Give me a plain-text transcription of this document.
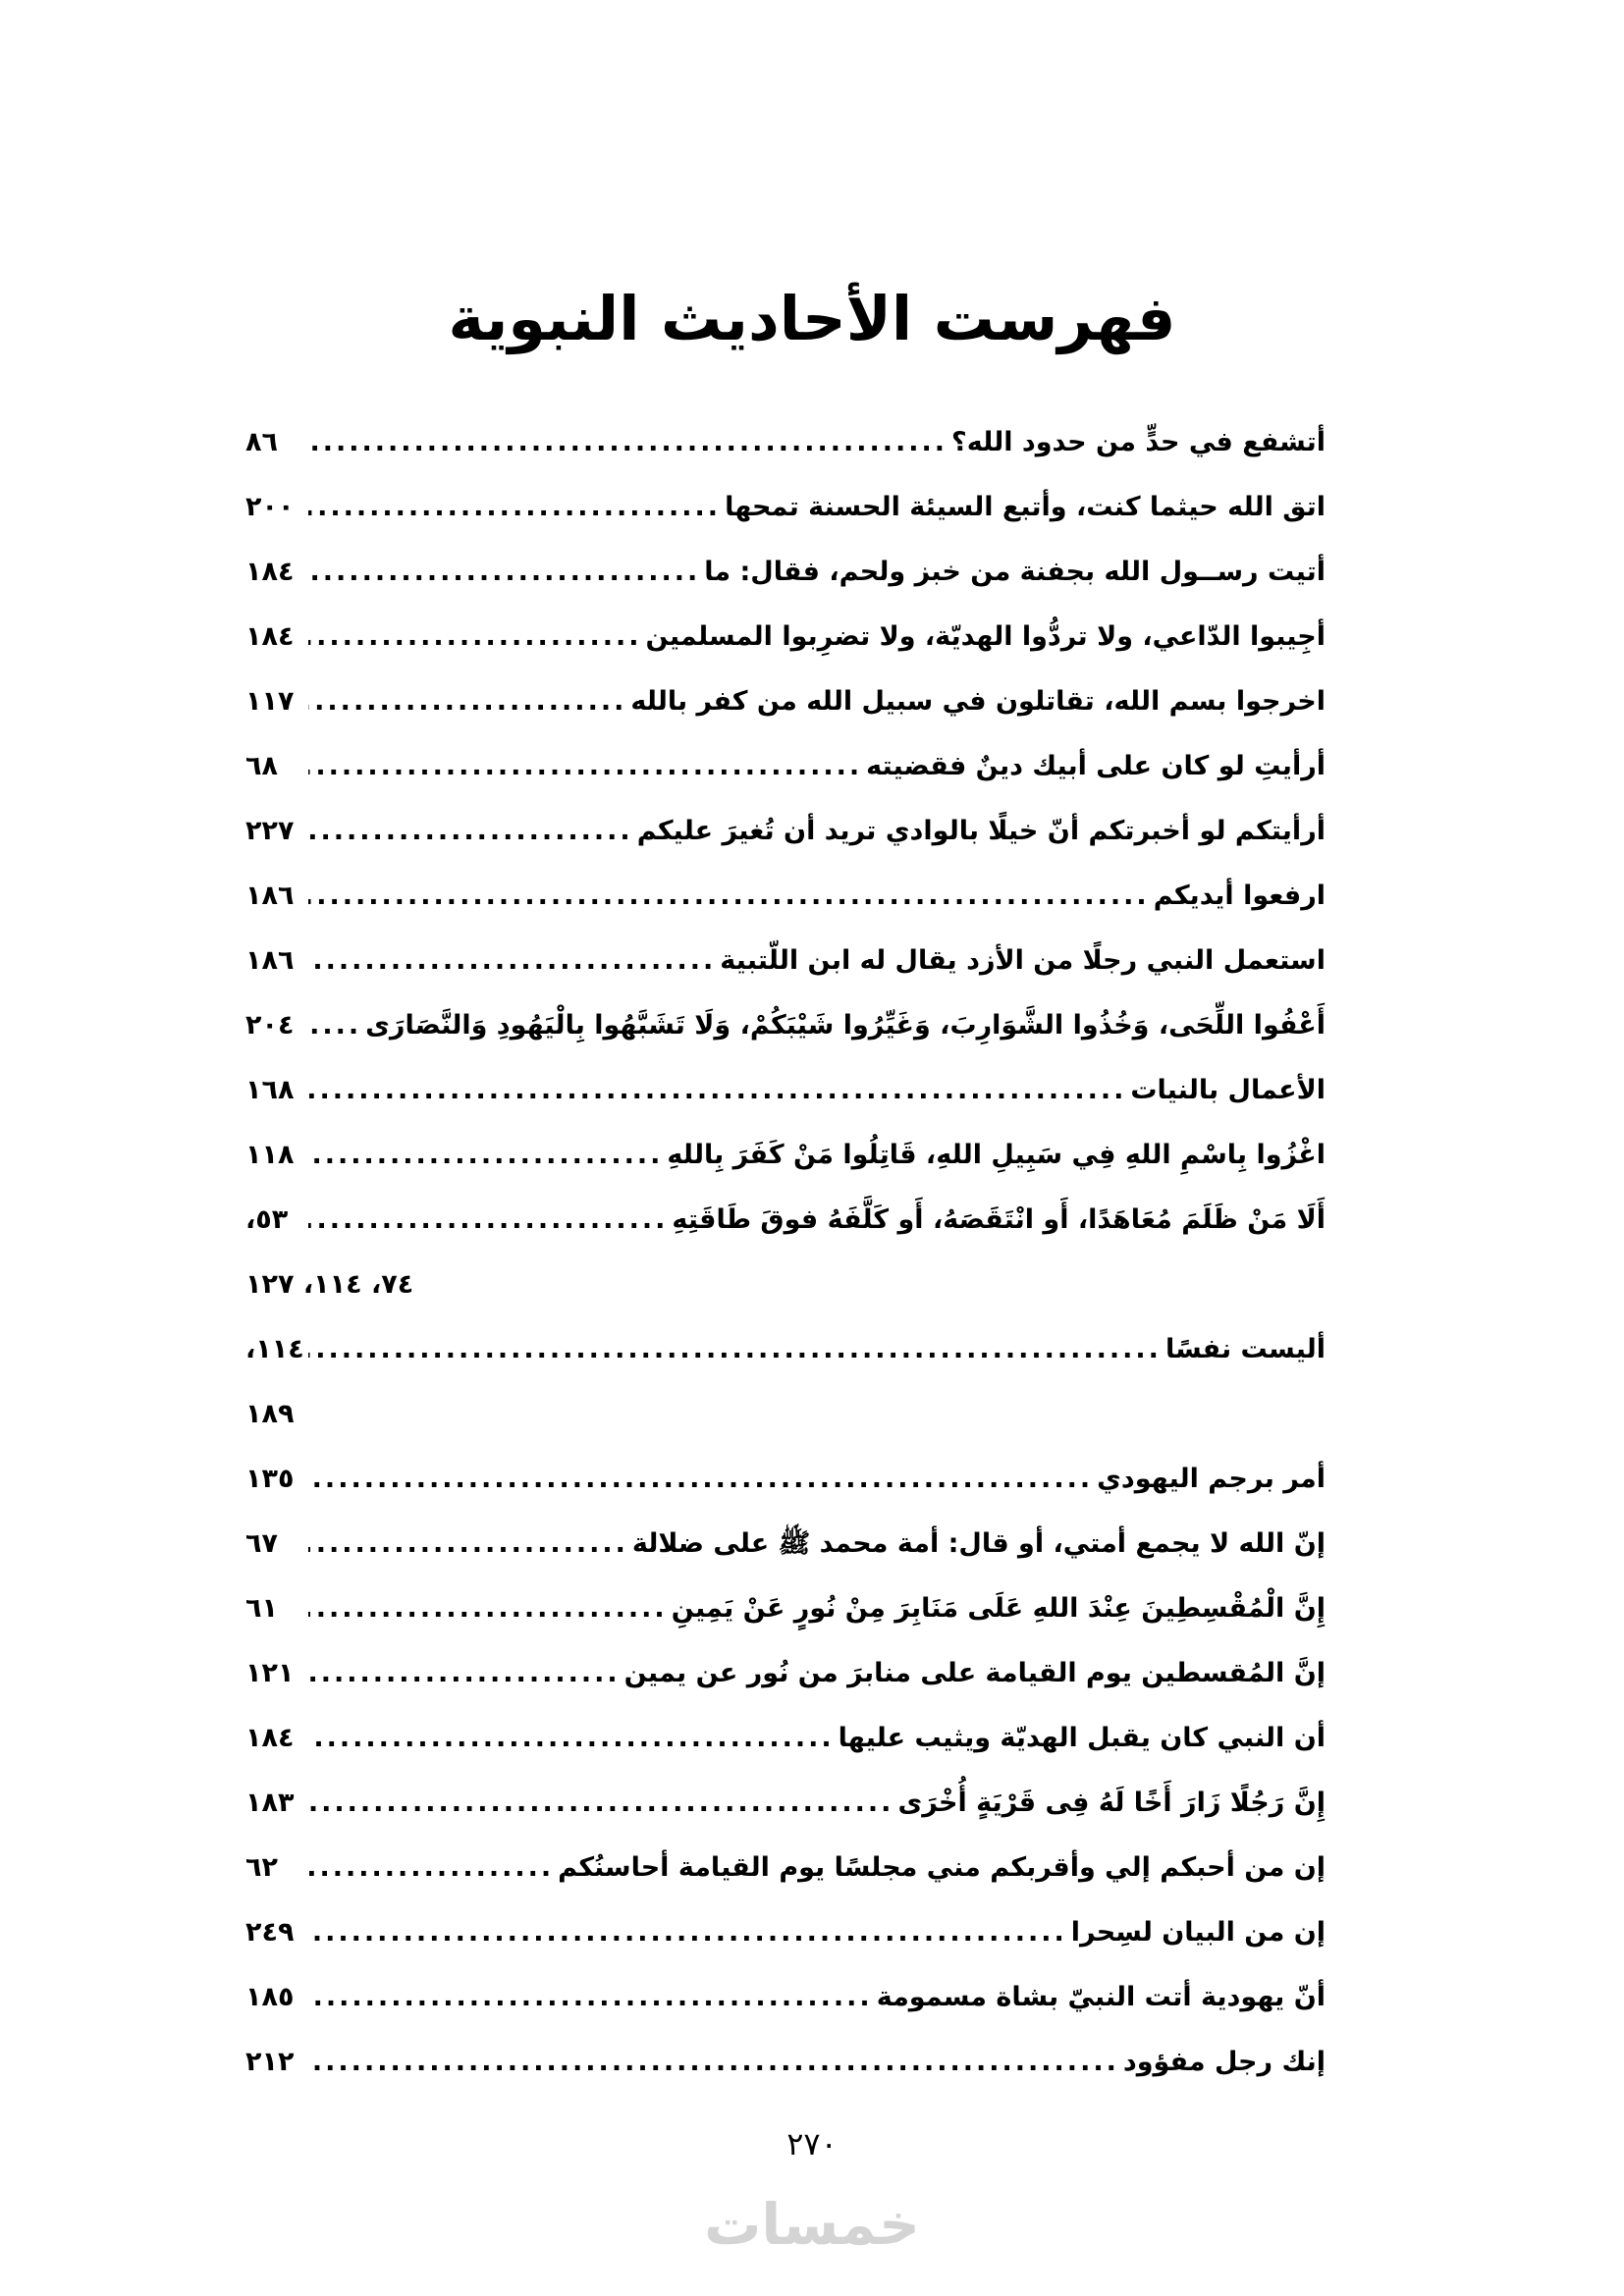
فهرست الأحاديث النبوية
أتشفع في حدٍّ من حدود الله؟
.....
٨٦
اتق الله حيثما كنت، وأتبع السيئة الحسنة تمحها
.....
٢٠٠
أتيت رســول الله بجفنة من خبز ولحم، فقال: ما
.....
١٨٤
أجِيبوا الدّاعي، ولا تردُّوا الهديّة، ولا تضرِبوا المسلمين
.....
١٨٤
اخرجوا بسم الله، تقاتلون في سبيل الله من كفر بالله
.....
١١٧
أرأيتِ لو كان على أبيك دينٌ فقضيته
.....
٦٨
أرأيتكم لو أخبرتكم أنّ خيلًا بالوادي تريد أن تُغيرَ عليكم
.....
٢٢٧
ارفعوا أيديكم
.....
١٨٦
استعمل النبي رجلًا من الأزد يقال له ابن اللّتبية
.....
١٨٦
أَعْفُوا اللِّحَى، وَخُذُوا الشَّوَارِبَ، وَغَيِّرُوا شَيْبَكُمْ، وَلَا تَشَبَّهُوا بِالْيَهُودِ وَالنَّصَارَى
.....
٢٠٤
الأعمال بالنيات
.....
١٦٨
اغْزُوا بِاسْمِ اللهِ فِي سَبِيلِ اللهِ، قَاتِلُوا مَنْ كَفَرَ بِاللهِ
.....
١١٨
أَلَا مَنْ ظَلَمَ مُعَاهَدًا، أَو انْتَقَصَهُ، أَو كَلَّفَهُ فوقَ طَاقَتِهِ
.....
٥٣،
٧٤، ١١٤، ١٢٧
أليست نفسًا
.....
١١٤،
١٨٩
أمر برجم اليهودي
.....
١٣٥
إنّ الله لا يجمع أمتي، أو قال: أمة محمد ﷺ على ضلالة
.....
٦٧
إِنَّ الْمُقْسِطِينَ عِنْدَ اللهِ عَلَى مَنَابِرَ مِنْ نُورٍ عَنْ يَمِينِ
.....
٦١
إنَّ المُقسطين يوم القيامة على منابرَ من نُور عن يمين
.....
١٢١
أن النبي كان يقبل الهديّة ويثيب عليها
.....
١٨٤
إِنَّ رَجُلًا زَارَ أَخًا لَهُ فِى قَرْيَةٍ أُخْرَى
.....
١٨٣
إن من أحبكم إلي وأقربكم مني مجلسًا يوم القيامة أحاسنُكم
.....
٦٢
إن من البيان لسِحرا
.....
٢٤٩
أنّ يهودية أتت النبيّ بشاة مسمومة
.....
١٨٥
إنك رجل مفؤود
.....
٢١٢
٢٧٠
خمسات
